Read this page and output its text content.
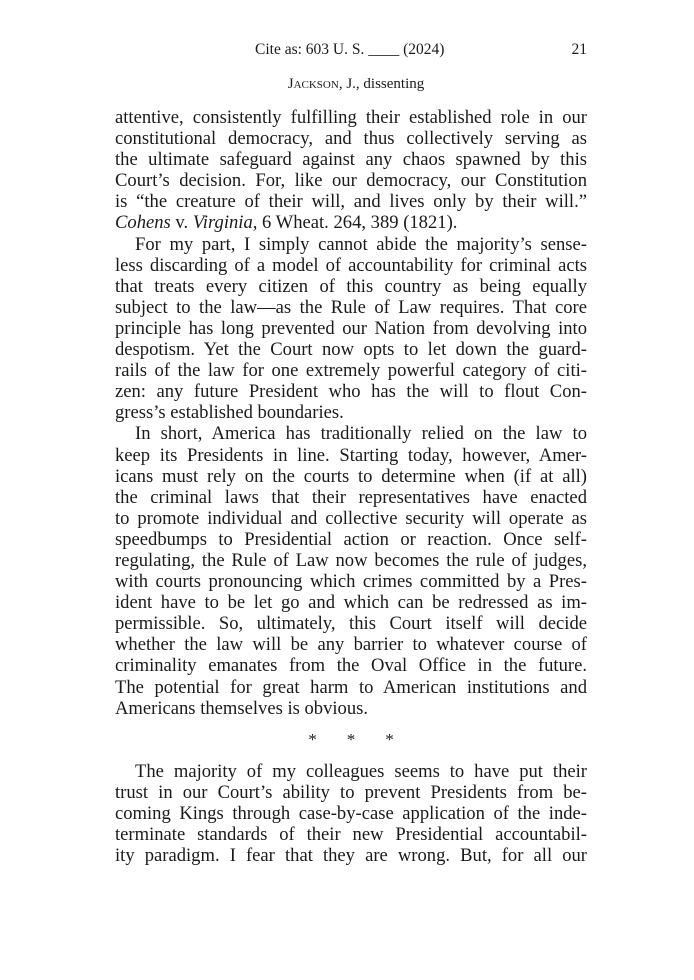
Cite as: 603 U. S. ____ (2024)	21
Jackson, J., dissenting
attentive, consistently fulfilling their established role in our
constitutional democracy, and thus collectively serving as
the ultimate safeguard against any chaos spawned by this
Court’s decision. For, like our democracy, our Constitution
is “the creature of their will, and lives only by their will.”
Cohens v. Virginia, 6 Wheat. 264, 389 (1821).
For my part, I simply cannot abide the majority’s sense-
less discarding of a model of accountability for criminal acts
that treats every citizen of this country as being equally
subject to the law—as the Rule of Law requires. That core
principle has long prevented our Nation from devolving into
despotism. Yet the Court now opts to let down the guard-
rails of the law for one extremely powerful category of citi-
zen: any future President who has the will to flout Con-
gress’s established boundaries.
In short, America has traditionally relied on the law to
keep its Presidents in line. Starting today, however, Amer-
icans must rely on the courts to determine when (if at all)
the criminal laws that their representatives have enacted
to promote individual and collective security will operate as
speedbumps to Presidential action or reaction. Once self-
regulating, the Rule of Law now becomes the rule of judges,
with courts pronouncing which crimes committed by a Pres-
ident have to be let go and which can be redressed as im-
permissible. So, ultimately, this Court itself will decide
whether the law will be any barrier to whatever course of
criminality emanates from the Oval Office in the future.
The potential for great harm to American institutions and
Americans themselves is obvious.
* * *
The majority of my colleagues seems to have put their
trust in our Court’s ability to prevent Presidents from be-
coming Kings through case-by-case application of the inde-
terminate standards of their new Presidential accountabil-
ity paradigm. I fear that they are wrong. But, for all our
